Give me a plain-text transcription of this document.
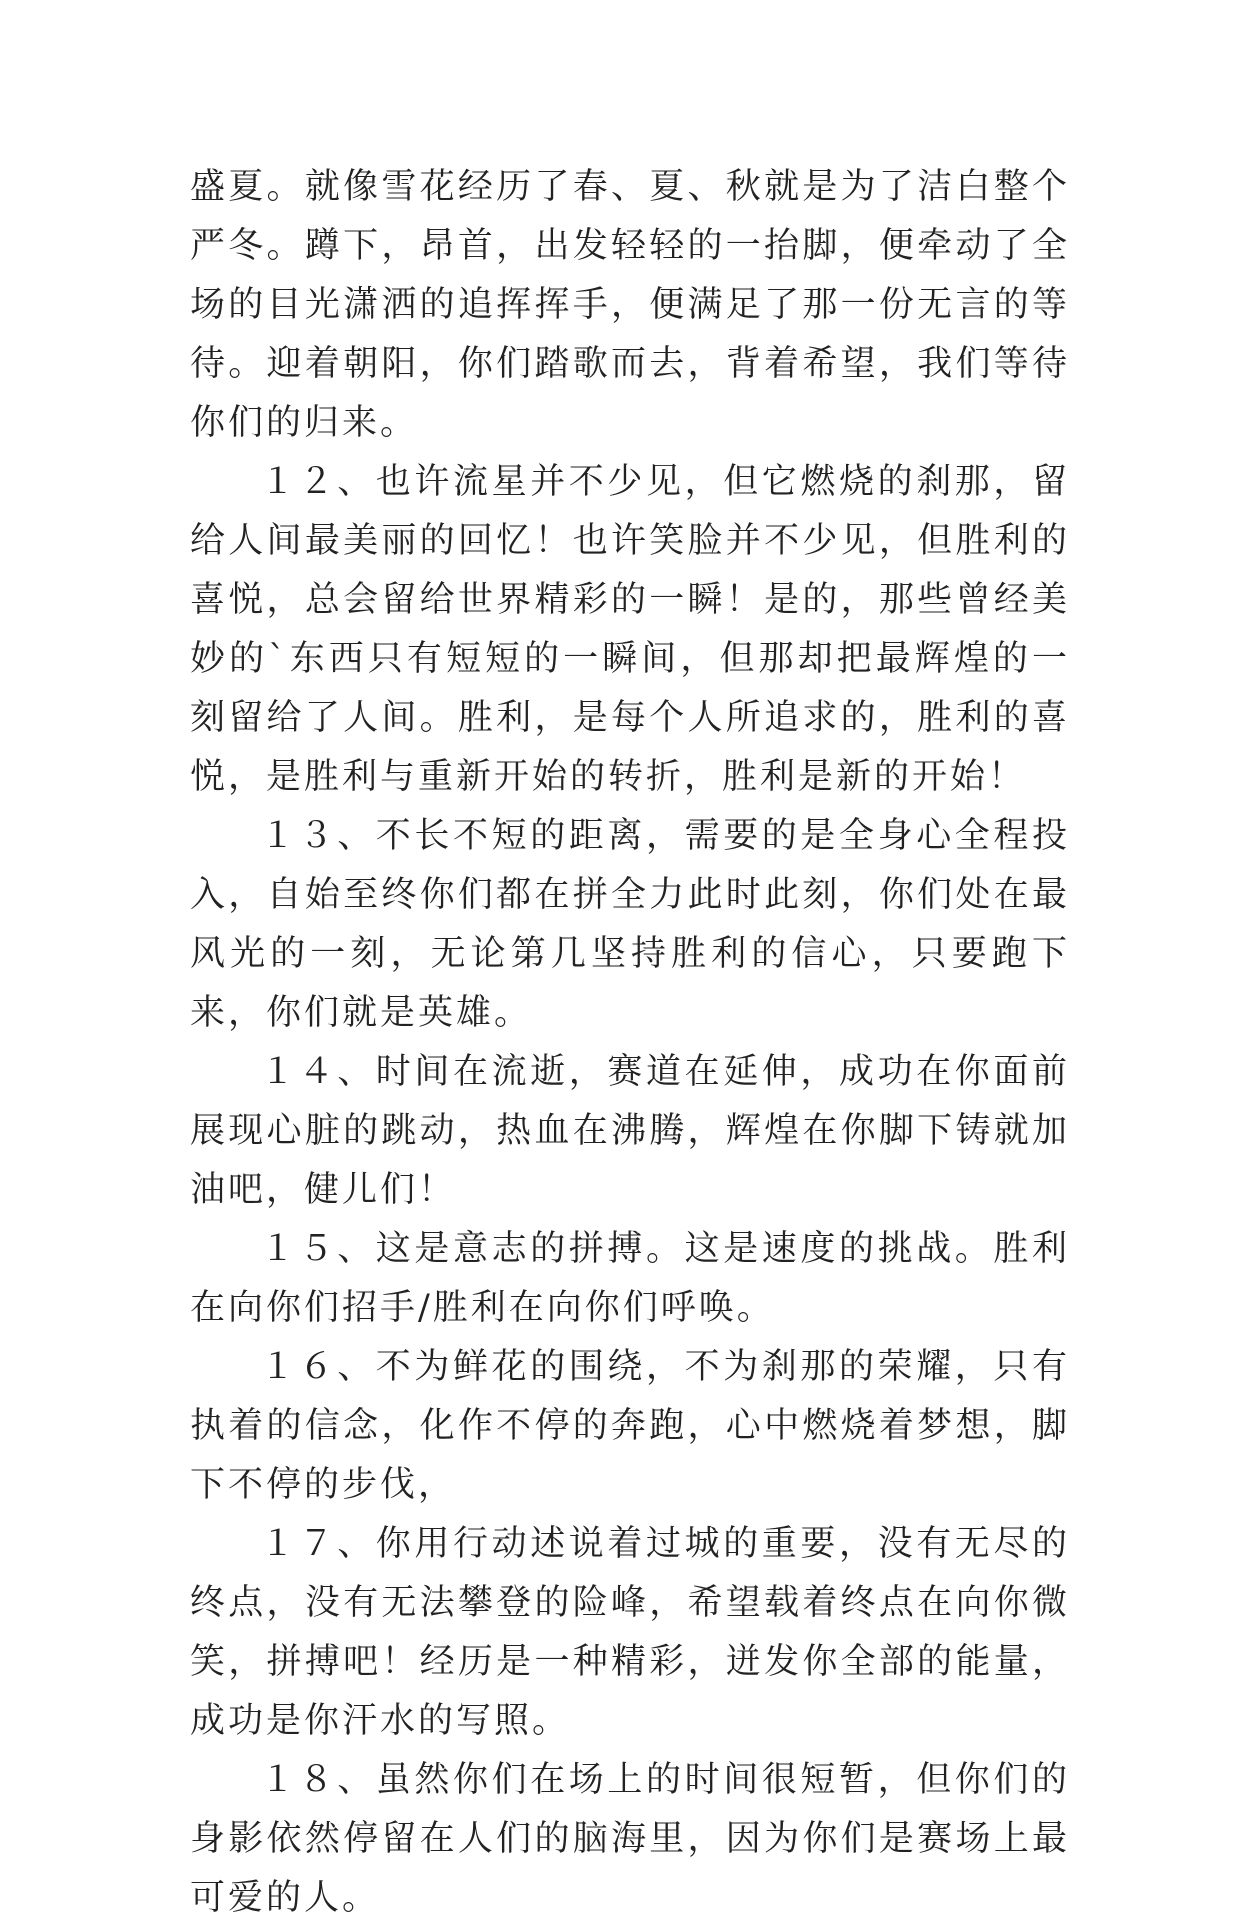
盛夏。就像雪花经历了春、夏、秋就是为了洁白整个严冬。蹲下，昂首，出发轻轻的一抬脚，便牵动了全场的目光潇洒的追挥挥手，便满足了那一份无言的等待。迎着朝阳，你们踏歌而去，背着希望，我们等待你们的归来。

１２、也许流星并不少见，但它燃烧的刹那，留给人间最美丽的回忆！也许笑脸并不少见，但胜利的喜悦，总会留给世界精彩的一瞬！是的，那些曾经美妙的`东西只有短短的一瞬间，但那却把最辉煌的一刻留给了人间。胜利，是每个人所追求的，胜利的喜悦，是胜利与重新开始的转折，胜利是新的开始！

１３、不长不短的距离，需要的是全身心全程投入，自始至终你们都在拼全力此时此刻，你们处在最风光的一刻，无论第几坚持胜利的信心，只要跑下来，你们就是英雄。

１４、时间在流逝，赛道在延伸，成功在你面前展现心脏的跳动，热血在沸腾，辉煌在你脚下铸就加油吧，健儿们！

１５、这是意志的拼搏。这是速度的挑战。胜利在向你们招手/胜利在向你们呼唤。

１６、不为鲜花的围绕，不为刹那的荣耀，只有执着的信念，化作不停的奔跑，心中燃烧着梦想，脚下不停的步伐，

１７、你用行动述说着过城的重要，没有无尽的终点，没有无法攀登的险峰，希望载着终点在向你微笑，拼搏吧！经历是一种精彩，迸发你全部的能量，成功是你汗水的写照。

１８、虽然你们在场上的时间很短暂，但你们的身影依然停留在人们的脑海里，因为你们是赛场上最可爱的人。
